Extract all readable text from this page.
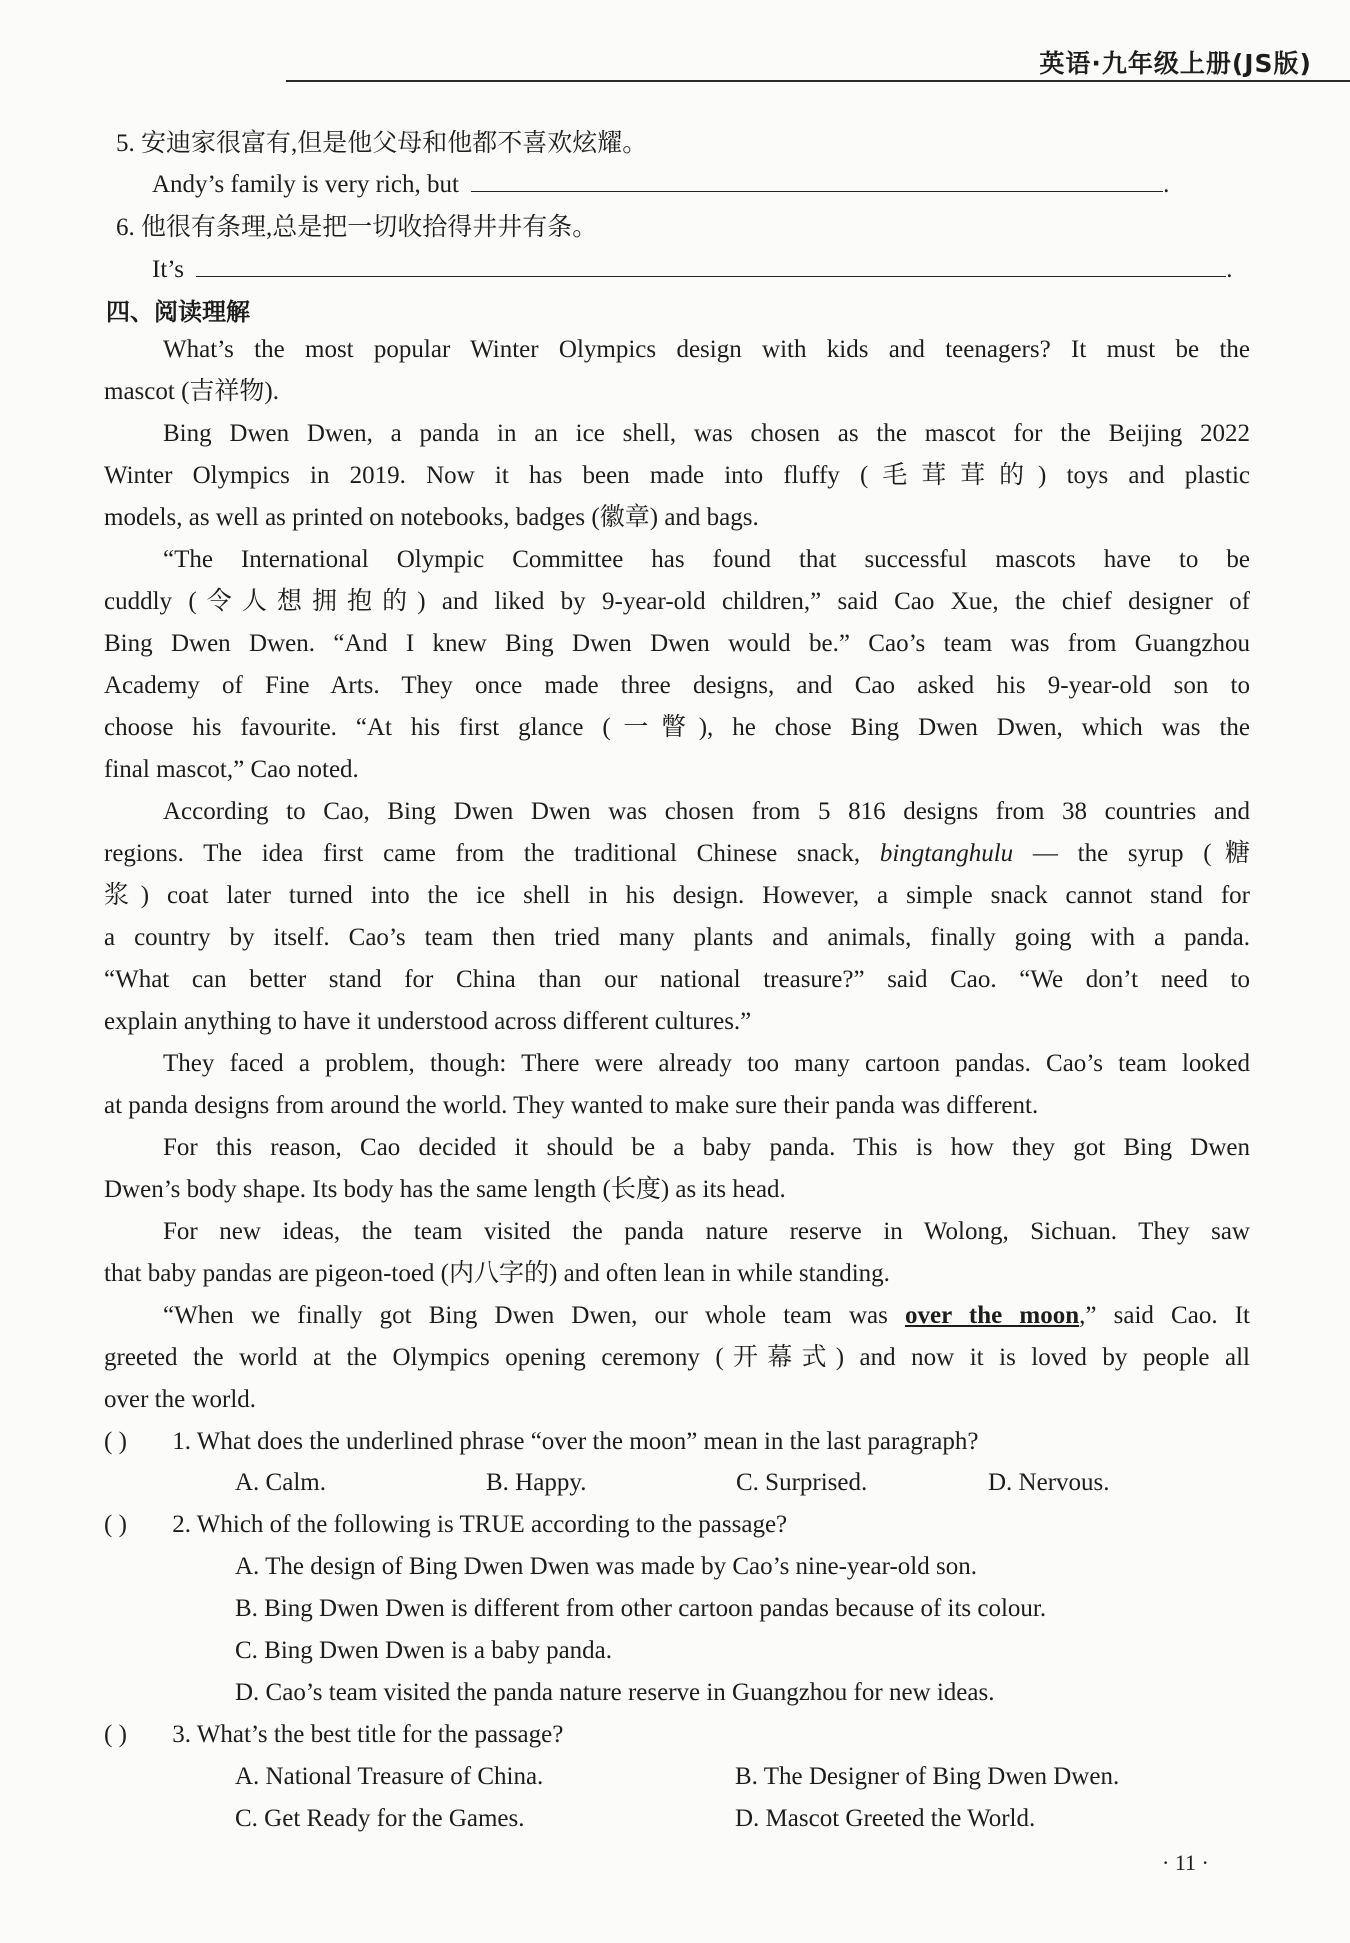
英语·九年级上册(JS版)
5. 安迪家很富有,但是他父母和他都不喜欢炫耀。
Andy’s family is very rich, but	.
6. 他很有条理,总是把一切收拾得井井有条。
It’s	.
四、阅读理解
What’s the most popular Winter Olympics design with kids and teenagers? It must be the
mascot (吉祥物).
Bing Dwen Dwen, a panda in an ice shell, was chosen as the mascot for the Beijing 2022
Winter Olympics in 2019. Now it has been made into fluffy (毛茸茸的) toys and plastic
models, as well as printed on notebooks, badges (徽章) and bags.
“The International Olympic Committee has found that successful mascots have to be
cuddly (令人想拥抱的) and liked by 9-year-old children,” said Cao Xue, the chief designer of
Bing Dwen Dwen. “And I knew Bing Dwen Dwen would be.” Cao’s team was from Guangzhou
Academy of Fine Arts. They once made three designs, and Cao asked his 9-year-old son to
choose his favourite. “At his first glance (一瞥), he chose Bing Dwen Dwen, which was the
final mascot,” Cao noted.
According to Cao, Bing Dwen Dwen was chosen from 5 816 designs from 38 countries and
regions. The idea first came from the traditional Chinese snack, bingtanghulu — the syrup (糖
浆) coat later turned into the ice shell in his design. However, a simple snack cannot stand for
a country by itself. Cao’s team then tried many plants and animals, finally going with a panda.
“What can better stand for China than our national treasure?” said Cao. “We don’t need to
explain anything to have it understood across different cultures.”
They faced a problem, though: There were already too many cartoon pandas. Cao’s team looked
at panda designs from around the world. They wanted to make sure their panda was different.
For this reason, Cao decided it should be a baby panda. This is how they got Bing Dwen
Dwen’s body shape. Its body has the same length (长度) as its head.
For new ideas, the team visited the panda nature reserve in Wolong, Sichuan. They saw
that baby pandas are pigeon-toed (内八字的) and often lean in while standing.
“When we finally got Bing Dwen Dwen, our whole team was over the moon,” said Cao. It
greeted the world at the Olympics opening ceremony (开幕式) and now it is loved by people all
over the world.
( ) 1. What does the underlined phrase “over the moon” mean in the last paragraph?
A. Calm.	B. Happy.	C. Surprised.	D. Nervous.
( ) 2. Which of the following is TRUE according to the passage?
A. The design of Bing Dwen Dwen was made by Cao’s nine-year-old son.
B. Bing Dwen Dwen is different from other cartoon pandas because of its colour.
C. Bing Dwen Dwen is a baby panda.
D. Cao’s team visited the panda nature reserve in Guangzhou for new ideas.
( ) 3. What’s the best title for the passage?
A. National Treasure of China.	B. The Designer of Bing Dwen Dwen.
C. Get Ready for the Games.	D. Mascot Greeted the World.
· 11 ·
